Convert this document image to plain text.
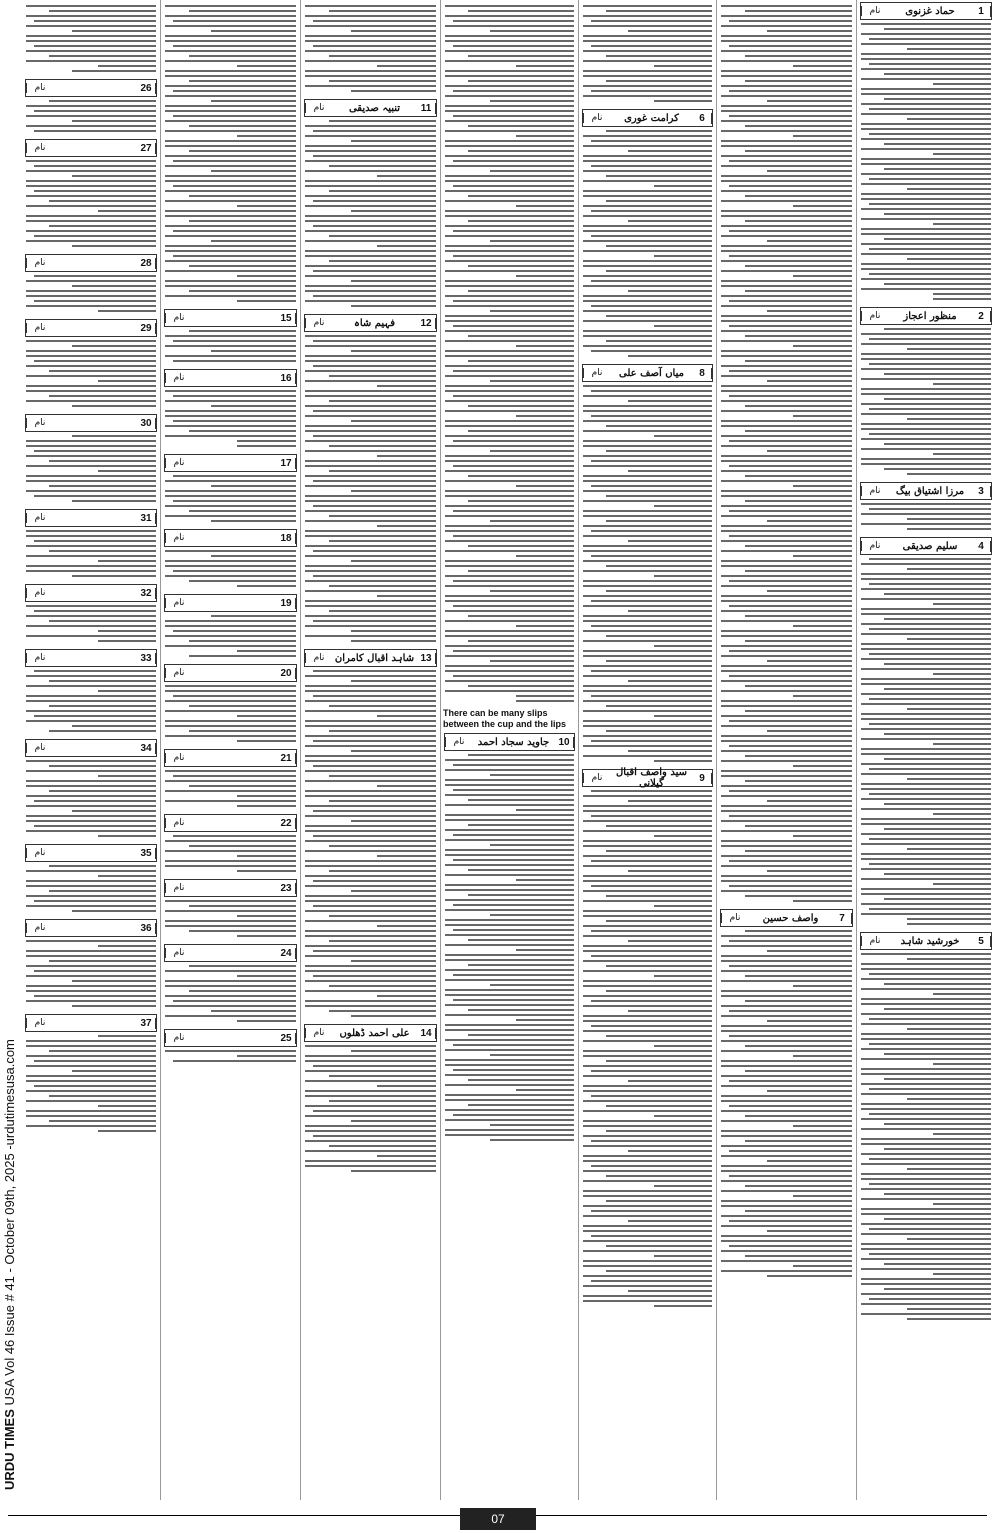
URDU TIMES USA Vol 46 Issue # 41 - October 09th, 2025 -urdutimesusa.com
نام	26
نام	27
نام	28
نام	29
نام	30
نام	31
نام	32
نام	33
نام	34
نام	35
نام	36
نام	37
نام	15
نام	16
نام	17
نام	18
نام	19
نام	20
نام	21
نام	22
نام	23
نام	24
نام	25
نام	تنبیہ صدیقی	11
نام	فہیم شاہ	12
نام	شاہد اقبال کامران 13
نام	علی احمد ڈھلوں	14
There can be many slips between the cup and the lips
نام	جاوید سجاد احمد 10
نام	کرامت غوری	6
نام	میاں آصف علی	8
نام	سید واصف اقبال گیلانی	9
نام	واصف حسین	7
نام	حماد غزنوی	1
نام	منظور اعجاز	2
نام	مرزا اشتیاق بیگ	3
نام	سلیم صدیقی	4
نام	خورشید شاہد	5
07
